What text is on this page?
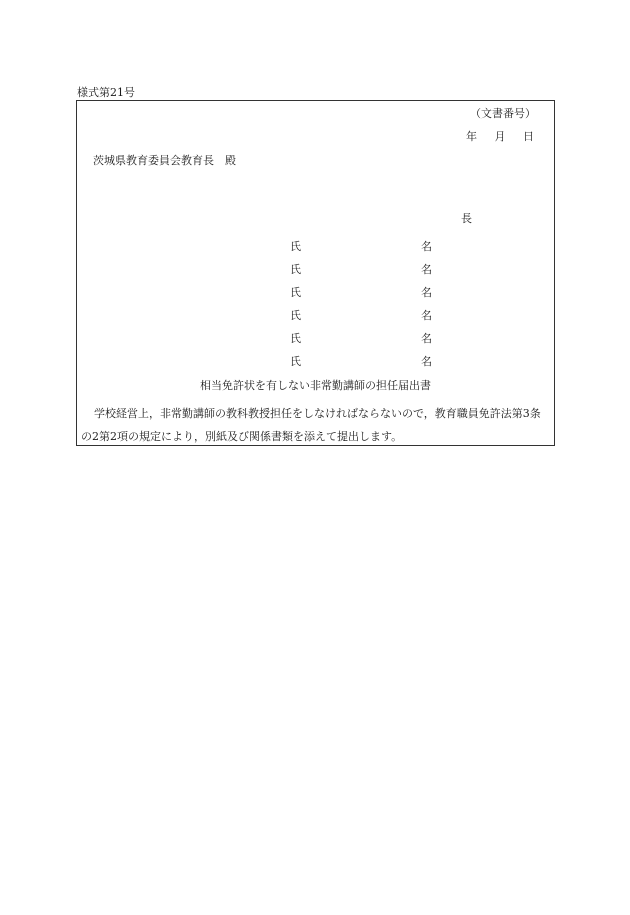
様式第21号
（文書番号）
年 月 日
茨城県教育委員会教育長　殿
長
氏	名
氏	名
氏	名
氏	名
氏	名
氏	名
相当免許状を有しない非常勤講師の担任届出書
学校経営上，非常勤講師の教科教授担任をしなければならないので，教育職員免許法第3条の2第2項の規定により，別紙及び関係書類を添えて提出します。
